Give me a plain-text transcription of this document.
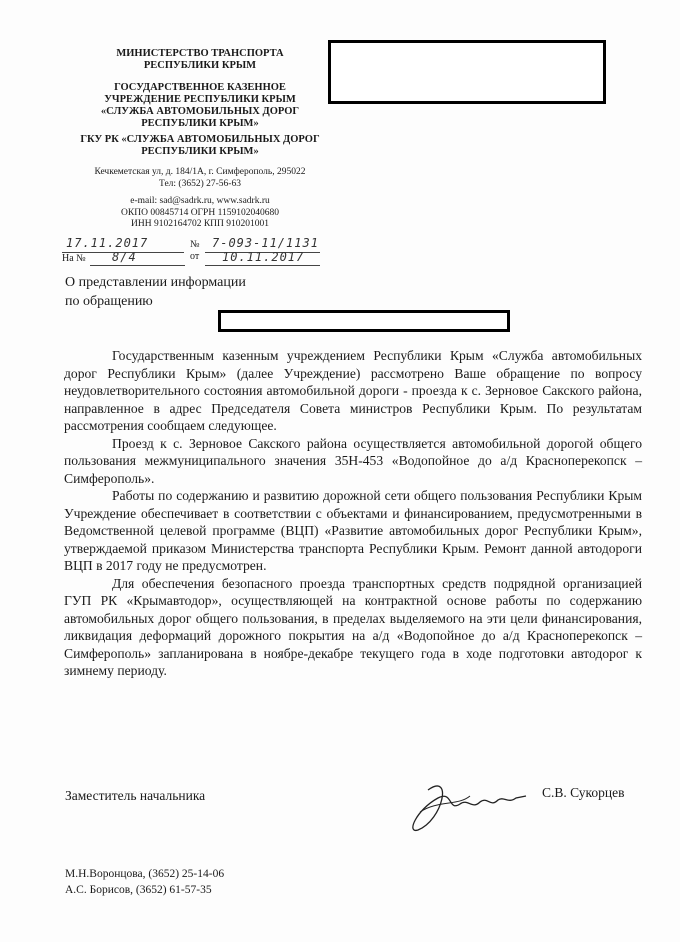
МИНИСТЕРСТВО ТРАНСПОРТА
РЕСПУБЛИКИ КРЫМ
ГОСУДАРСТВЕННОЕ КАЗЕННОЕ
УЧРЕЖДЕНИЕ РЕСПУБЛИКИ КРЫМ
«СЛУЖБА АВТОМОБИЛЬНЫХ ДОРОГ
РЕСПУБЛИКИ КРЫМ»
ГКУ РК «СЛУЖБА АВТОМОБИЛЬНЫХ ДОРОГ
РЕСПУБЛИКИ КРЫМ»
Кечкеметская ул, д. 184/1А, г. Симферополь, 295022
Тел: (3652) 27-56-63
e-mail: sad@sadrk.ru, www.sadrk.ru
ОКПО 00845714 ОГРН 1159102040680
ИНН 9102164702 КПП 910201001
17.11.2017	№ 7-093-11/1131
На № 8/4	от 10.11.2017
О представлении информации
по обращению

Государственным казенным учреждением Республики Крым «Служба автомобильных дорог Республики Крым» (далее Учреждение) рассмотрено Ваше обращение по вопросу неудовлетворительного состояния автомобильной дороги - проезда к с. Зерновое Сакского района, направленное в адрес Председателя Совета министров Республики Крым. По результатам рассмотрения сообщаем следующее.

Проезд к с. Зерновое Сакского района осуществляется автомобильной дорогой общего пользования межмуниципального значения 35Н-453 «Водопойное до а/д Красноперекопск – Симферополь».

Работы по содержанию и развитию дорожной сети общего пользования Республики Крым Учреждение обеспечивает в соответствии с объектами и финансированием, предусмотренными в Ведомственной целевой программе (ВЦП) «Развитие автомобильных дорог Республики Крым», утверждаемой приказом Министерства транспорта Республики Крым. Ремонт данной автодороги ВЦП в 2017 году не предусмотрен.

Для обеспечения безопасного проезда транспортных средств подрядной организацией ГУП РК «Крымавтодор», осуществляющей на контрактной основе работы по содержанию автомобильных дорог общего пользования, в пределах выделяемого на эти цели финансирования, ликвидация деформаций дорожного покрытия на а/д «Водопойное до а/д Красноперекопск – Симферополь» запланирована в ноябре-декабре текущего года в ходе подготовки автодорог к зимнему периоду.

Заместитель начальника	С.В. Сукорцев
М.Н.Воронцова, (3652) 25-14-06
А.С. Борисов, (3652) 61-57-35
